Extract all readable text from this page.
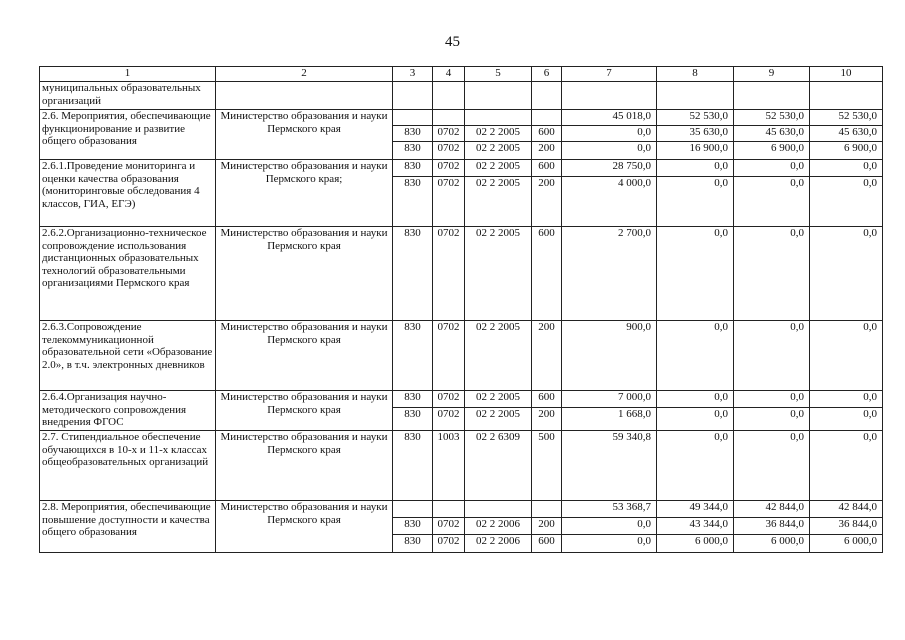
45
1	2	3	4	5	6	7	8	9	10
муниципальных образовательных организаций									
2.6. Мероприятия, обеспечивающие функционирование и развитие общего образования	Министерство образования и науки Пермского края					45 018,0	52 530,0	52 530,0	52 530,0
		830	0702	02 2 2005	600	0,0	35 630,0	45 630,0	45 630,0
		830	0702	02 2 2005	200	0,0	16 900,0	6 900,0	6 900,0
2.6.1.Проведение мониторинга и оценки качества образования (мониторинговые обследования 4 классов, ГИА, ЕГЭ)	Министерство образования и науки Пермского края;	830	0702	02 2 2005	600	28 750,0	0,0	0,0	0,0
		830	0702	02 2 2005	200	4 000,0	0,0	0,0	0,0
2.6.2.Организационно-техническое сопровождение использования дистанционных образовательных технологий образовательными организациями Пермского края	Министерство образования и науки Пермского края	830	0702	02 2 2005	600	2 700,0	0,0	0,0	0,0
2.6.3.Сопровождение телекоммуникационной образовательной сети «Образование 2.0», в т.ч. электронных дневников	Министерство образования и науки Пермского края	830	0702	02 2 2005	200	900,0	0,0	0,0	0,0
2.6.4.Организация научно-методического сопровождения внедрения ФГОС	Министерство образования и науки Пермского края	830	0702	02 2 2005	600	7 000,0	0,0	0,0	0,0
		830	0702	02 2 2005	200	1 668,0	0,0	0,0	0,0
2.7. Стипендиальное обеспечение обучающихся в 10-х и 11-х классах общеобразовательных организаций	Министерство образования и науки Пермского края	830	1003	02 2 6309	500	59 340,8	0,0	0,0	0,0
2.8. Мероприятия, обеспечивающие повышение доступности и качества общего образования	Министерство образования и науки Пермского края					53 368,7	49 344,0	42 844,0	42 844,0
		830	0702	02 2 2006	200	0,0	43 344,0	36 844,0	36 844,0
		830	0702	02 2 2006	600	0,0	6 000,0	6 000,0	6 000,0
